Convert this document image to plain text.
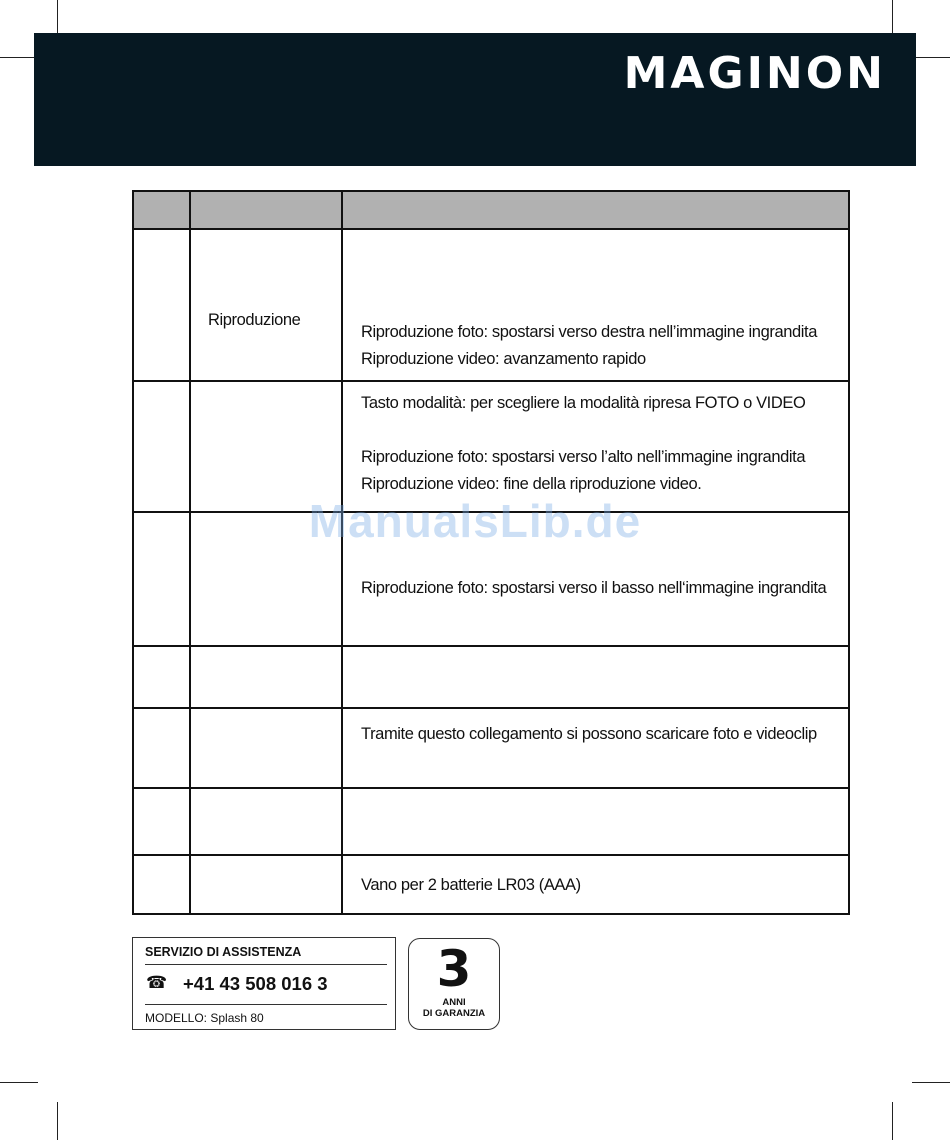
MAGINON

	Riproduzione	Riproduzione foto: spostarsi verso destra nell’immagine ingrandita
Riproduzione video: avanzamento rapido

		Tasto modalità: per scegliere la modalità ripresa FOTO o VIDEO
Riproduzione foto: spostarsi verso l’alto nell’immagine ingrandita
Riproduzione video: fine della riproduzione video.

		Riproduzione foto: spostarsi verso il basso nell‘immagine ingrandita

		Tramite questo collegamento si possono scaricare foto e videoclip

		Vano per 2 batterie LR03 (AAA)
ManualsLib.de
SERVIZIO DI ASSISTENZA
☎ +41 43 508 016 3
MODELLO: Splash 80
3
ANNI
DI GARANZIA
